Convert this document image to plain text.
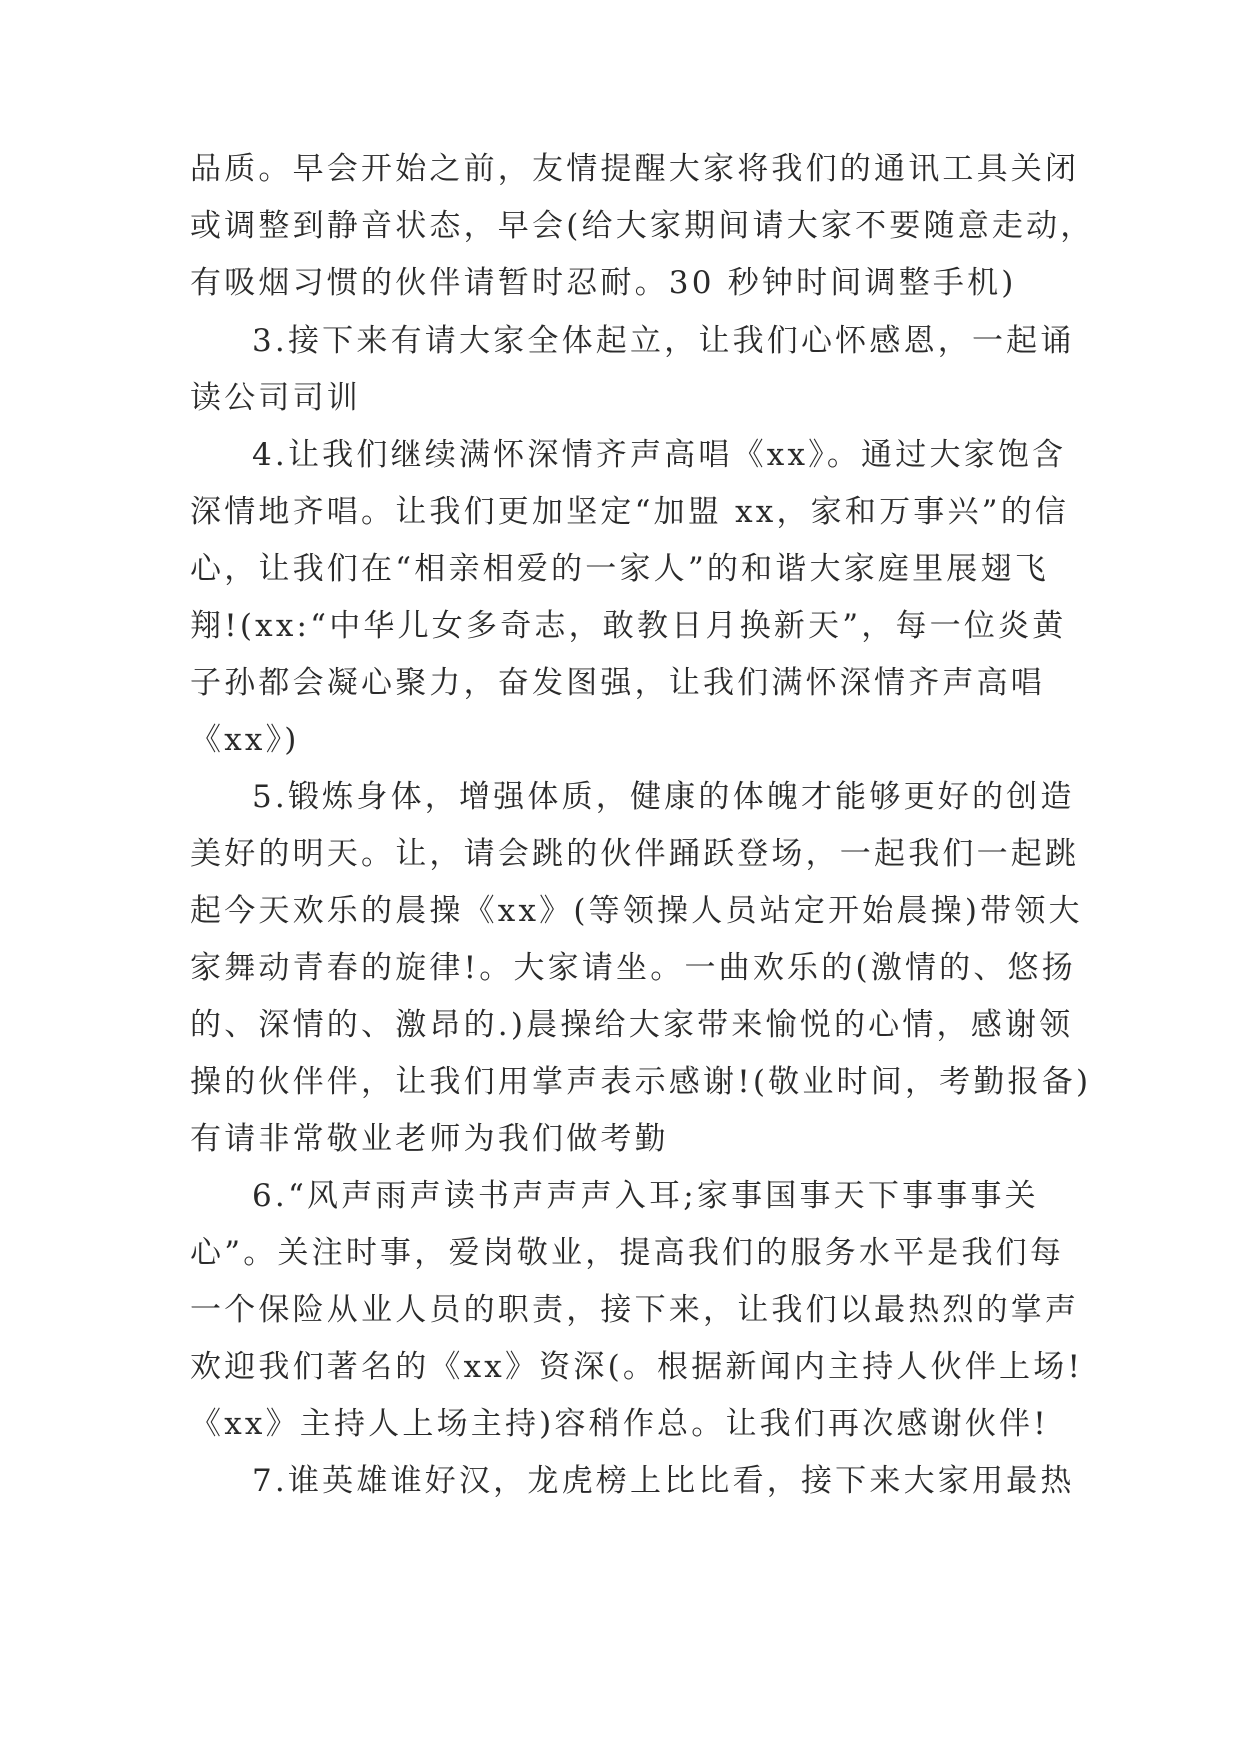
品质。早会开始之前，友情提醒大家将我们的通讯工具关闭
或调整到静音状态，早会(给大家期间请大家不要随意走动，
有吸烟习惯的伙伴请暂时忍耐。30 秒钟时间调整手机)
3.接下来有请大家全体起立，让我们心怀感恩，一起诵
读公司司训
4.让我们继续满怀深情齐声高唱《xx》。通过大家饱含
深情地齐唱。让我们更加坚定“加盟 xx，家和万事兴”的信
心，让我们在“相亲相爱的一家人”的和谐大家庭里展翅飞
翔!(xx:“中华儿女多奇志，敢教日月换新天”，每一位炎黄
子孙都会凝心聚力，奋发图强，让我们满怀深情齐声高唱
《xx》)
5.锻炼身体，增强体质，健康的体魄才能够更好的创造
美好的明天。让，请会跳的伙伴踊跃登场，一起我们一起跳
起今天欢乐的晨操《xx》(等领操人员站定开始晨操)带领大
家舞动青春的旋律!。大家请坐。一曲欢乐的(激情的、悠扬
的、深情的、激昂的.)晨操给大家带来愉悦的心情，感谢领
操的伙伴伴，让我们用掌声表示感谢!(敬业时间，考勤报备)
有请非常敬业老师为我们做考勤
6.“风声雨声读书声声声入耳;家事国事天下事事事关
心”。关注时事，爱岗敬业，提高我们的服务水平是我们每
一个保险从业人员的职责，接下来，让我们以最热烈的掌声
欢迎我们著名的《xx》资深(。根据新闻内主持人伙伴上场!
《xx》主持人上场主持)容稍作总。让我们再次感谢伙伴!
7.谁英雄谁好汉，龙虎榜上比比看，接下来大家用最热
